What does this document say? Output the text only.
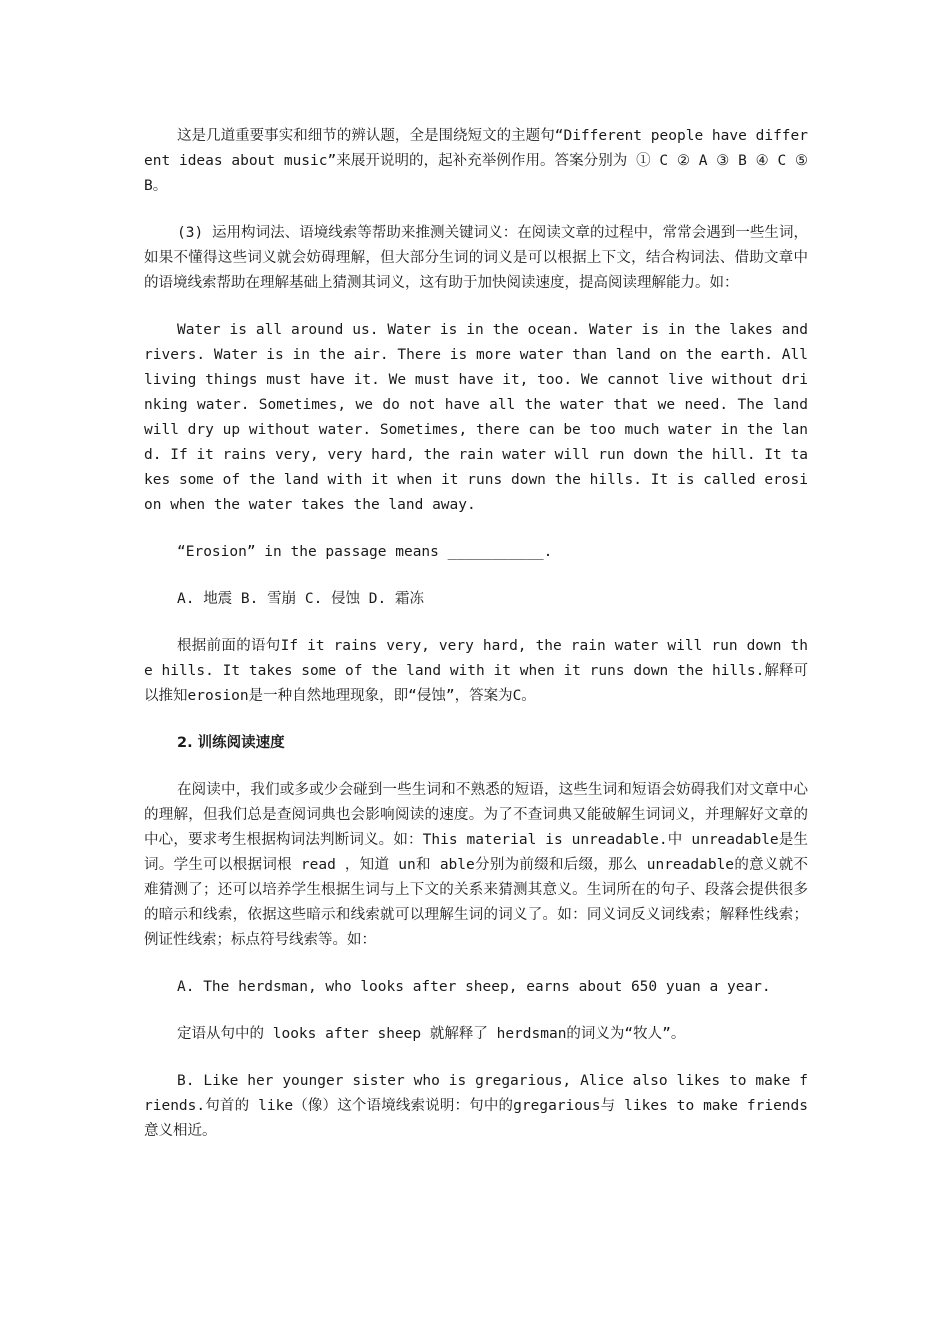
这是几道重要事实和细节的辨认题，全是围绕短文的主题句“Different people have different ideas about music”来展开说明的，起补充举例作用。答案分别为 ① C ② A ③ B ④ C ⑤ B。

(3) 运用构词法、语境线索等帮助来推测关键词义：在阅读文章的过程中，常常会遇到一些生词，如果不懂得这些词义就会妨碍理解，但大部分生词的词义是可以根据上下文，结合构词法、借助文章中的语境线索帮助在理解基础上猜测其词义，这有助于加快阅读速度，提高阅读理解能力。如：

Water is all around us. Water is in the ocean. Water is in the lakes and rivers. Water is in the air. There is more water than land on the earth. All living things must have it. We must have it, too. We cannot live without drinking water. Sometimes, we do not have all the water that we need. The land will dry up without water. Sometimes, there can be too much water in the land. If it rains very, very hard, the rain water will run down the hill. It takes some of the land with it when it runs down the hills. It is called erosion when the water takes the land away.

“Erosion” in the passage means ___________.

A. 地震 B. 雪崩 C. 侵蚀 D. 霜冻

根据前面的语句If it rains very, very hard, the rain water will run down the hills. It takes some of the land with it when it runs down the hills.解释可以推知erosion是一种自然地理现象，即“侵蚀”，答案为C。

2. 训练阅读速度

在阅读中，我们或多或少会碰到一些生词和不熟悉的短语，这些生词和短语会妨碍我们对文章中心的理解，但我们总是查阅词典也会影响阅读的速度。为了不查词典又能破解生词词义，并理解好文章的中心，要求考生根据构词法判断词义。如：This material is unreadable.中 unreadable是生词。学生可以根据词根 read ，知道 un和 able分别为前缀和后缀，那么 unreadable的意义就不难猜测了；还可以培养学生根据生词与上下文的关系来猜测其意义。生词所在的句子、段落会提供很多的暗示和线索，依据这些暗示和线索就可以理解生词的词义了。如：同义词反义词线索；解释性线索；例证性线索；标点符号线索等。如：

A. The herdsman, who looks after sheep, earns about 650 yuan a year.

定语从句中的 looks after sheep 就解释了 herdsman的词义为“牧人”。

B. Like her younger sister who is gregarious, Alice also likes to make friends.句首的 like（像）这个语境线索说明：句中的gregarious与 likes to make friends意义相近。
